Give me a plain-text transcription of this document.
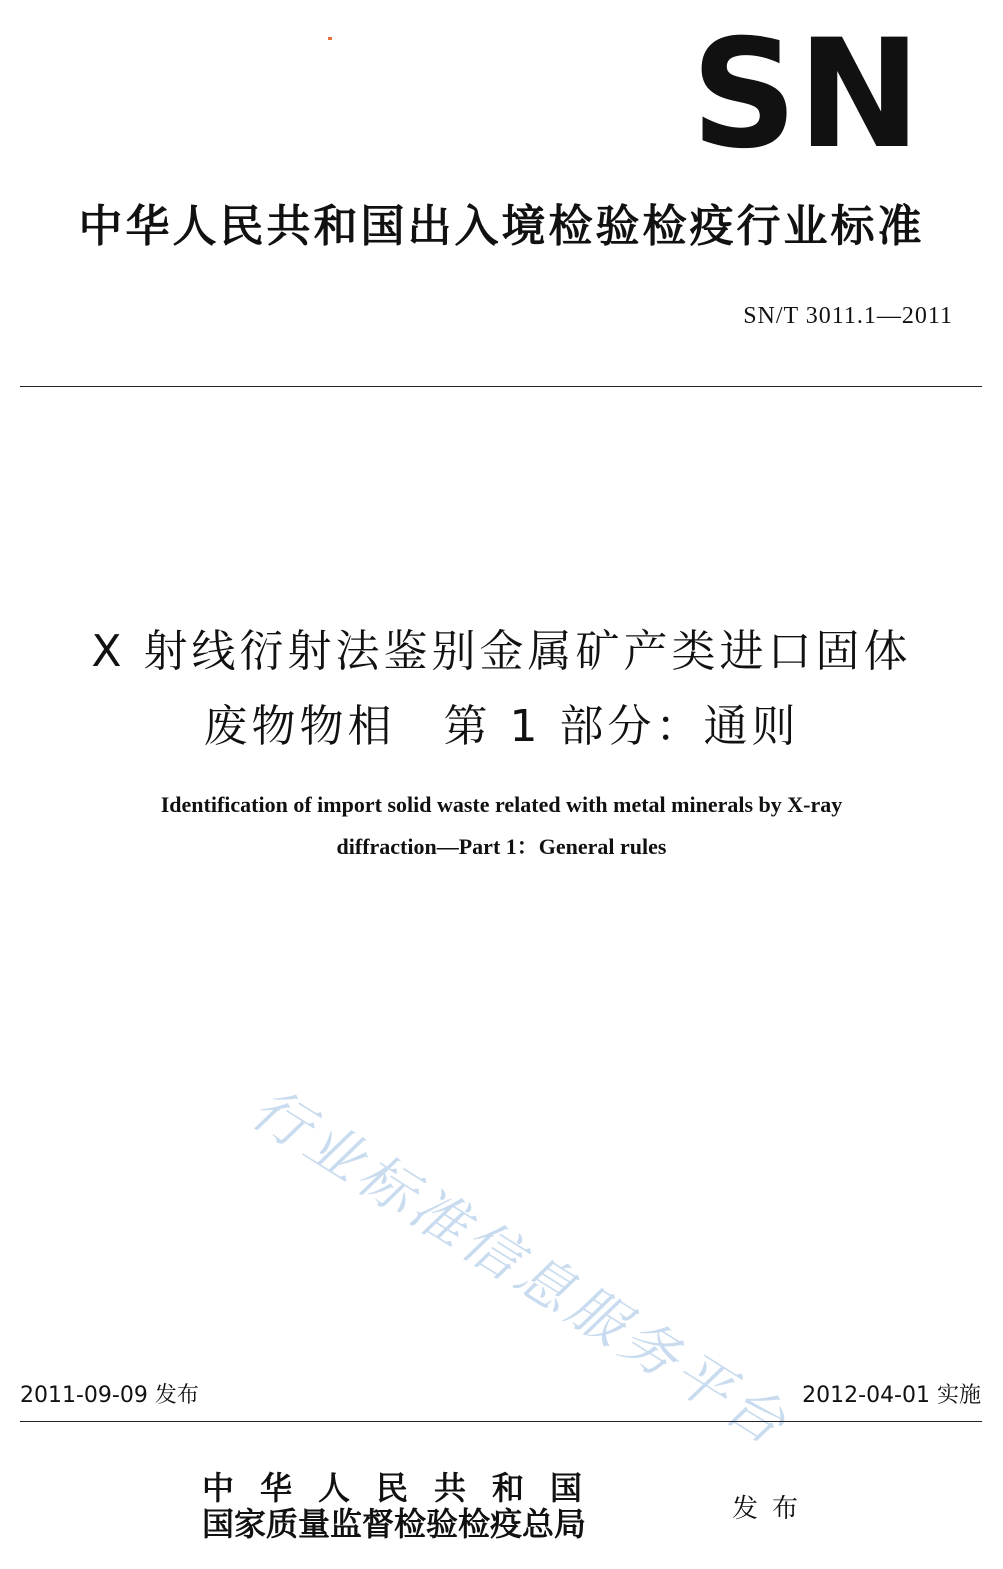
SN
中华人民共和国出入境检验检疫行业标准
SN/T 3011.1—2011
X 射线衍射法鉴别金属矿产类进口固体
废物物相　第 1 部分：通则
Identification of import solid waste related with metal minerals by X-ray
diffraction—Part 1：General rules
行业标准信息服务平台
2011-09-09 发布	2012-04-01 实施
中华人民共和国
国家质量监督检验检疫总局	发布
